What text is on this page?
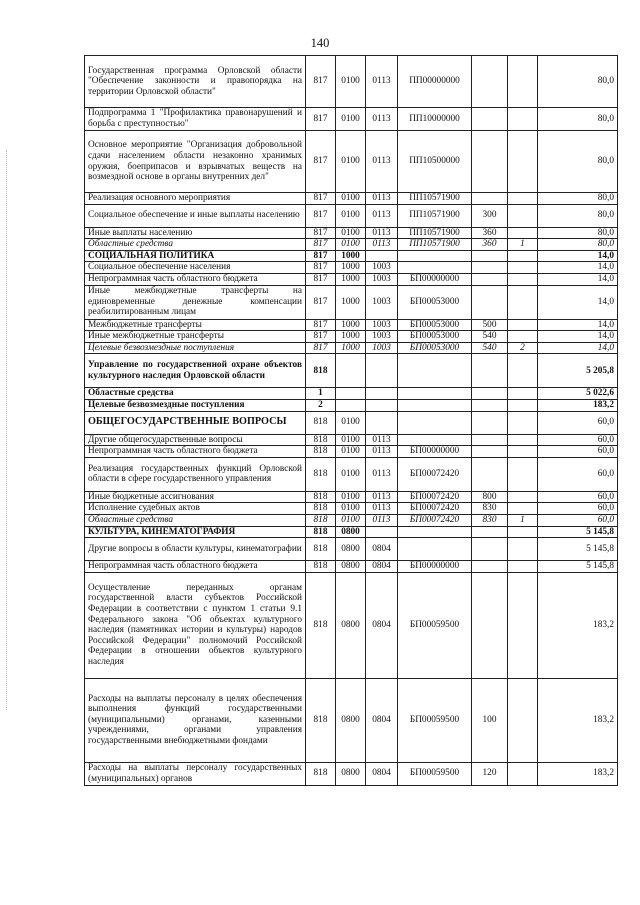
140
Государственная программа Орловской области "Обеспечение законности и правопорядка на территории Орловской области"	817	0100	0113	ПП00000000			80,0
Подпрограмма 1 "Профилактика правонарушений и борьба с преступностью"	817	0100	0113	ПП10000000			80,0
Основное мероприятие "Организация добровольной сдачи населением области незаконно хранимых оружия, боеприпасов и взрывчатых веществ на возмездной основе в органы внутренних дел"	817	0100	0113	ПП10500000			80,0
Реализация основного мероприятия	817	0100	0113	ПП10571900			80,0
Социальное обеспечение и иные выплаты населению	817	0100	0113	ПП10571900	300		80,0
Иные выплаты населению	817	0100	0113	ПП10571900	360		80,0
Областные средства	817	0100	0113	ПП10571900	360	1	80,0
СОЦИАЛЬНАЯ ПОЛИТИКА	817	1000					14,0
Социальное обеспечение населения	817	1000	1003				14,0
Непрограммная часть областного бюджета	817	1000	1003	БП00000000			14,0
Иные межбюджетные трансферты на единовременные денежные компенсации реабилитированным лицам	817	1000	1003	БП00053000			14,0
Межбюджетные трансферты	817	1000	1003	БП00053000	500		14,0
Иные межбюджетные трансферты	817	1000	1003	БП00053000	540		14,0
Целевые безвозмездные поступления	817	1000	1003	БП00053000	540	2	14,0
Управление по государственной охране объектов культурного наследия Орловской области	818						5 205,8
Областные средства	1						5 022,6
Целевые безвозмездные поступления	2						183,2
ОБЩЕГОСУДАРСТВЕННЫЕ ВОПРОСЫ	818	0100					60,0
Другие общегосударственные вопросы	818	0100	0113				60,0
Непрограммная часть областного бюджета	818	0100	0113	БП00000000			60,0
Реализация государственных функций Орловской области в сфере государственного управления	818	0100	0113	БП00072420			60,0
Иные бюджетные ассигнования	818	0100	0113	БП00072420	800		60,0
Исполнение судебных актов	818	0100	0113	БП00072420	830		60,0
Областные средства	818	0100	0113	БП00072420	830	1	60,0
КУЛЬТУРА, КИНЕМАТОГРАФИЯ	818	0800					5 145,8
Другие вопросы в области культуры, кинематографии	818	0800	0804				5 145,8
Непрограммная часть областного бюджета	818	0800	0804	БП00000000			5 145,8
Осуществление переданных органам государственной власти субъектов Российской Федерации в соответствии с пунктом 1 статьи 9.1 Федерального закона "Об объектах культурного наследия (памятниках истории и культуры) народов Российской Федерации" полномочий Российской Федерации в отношении объектов культурного наследия	818	0800	0804	БП00059500			183,2
Расходы на выплаты персоналу в целях обеспечения выполнения функций государственными (муниципальными) органами, казенными учреждениями, органами управления государственными внебюджетными фондами	818	0800	0804	БП00059500	100		183,2
Расходы на выплаты персоналу государственных (муниципальных) органов	818	0800	0804	БП00059500	120		183,2
